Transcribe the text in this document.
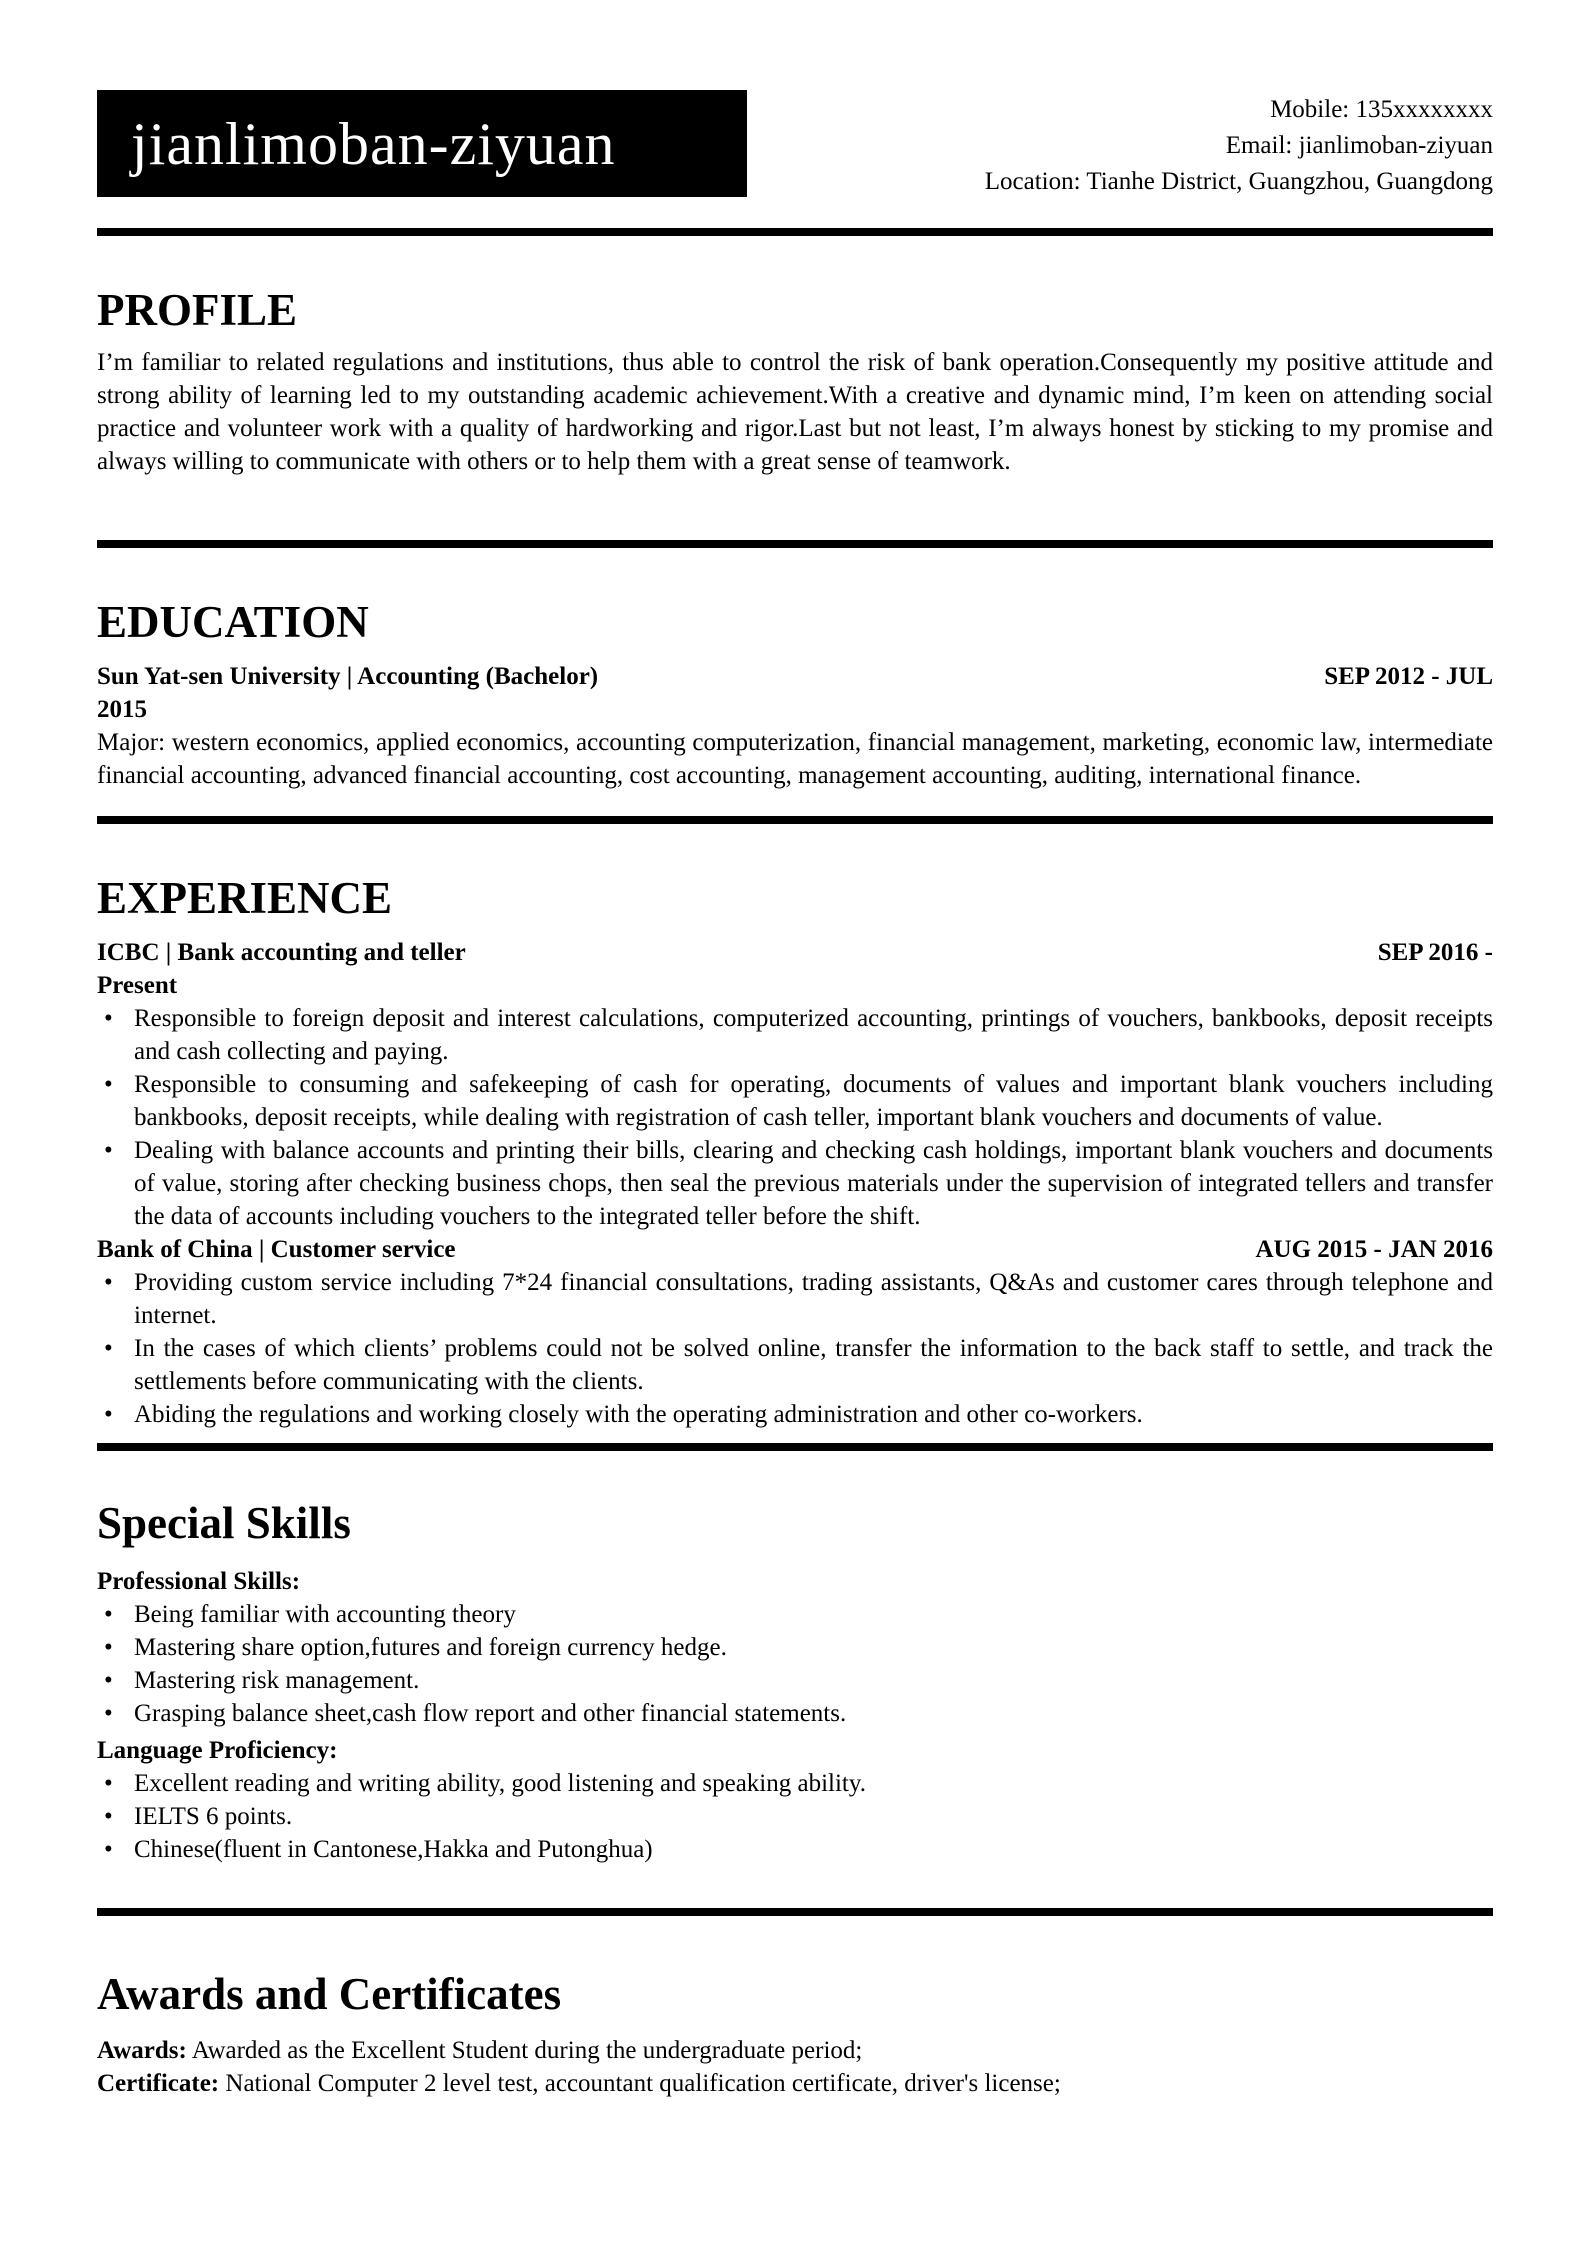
jianlimoban-ziyuan
Mobile: 135xxxxxxxx
Email: jianlimoban-ziyuan
Location: Tianhe District, Guangzhou, Guangdong
PROFILE

I’m familiar to related regulations and institutions, thus able to control the risk of bank operation.Consequently my positive attitude and strong ability of learning led to my outstanding academic achievement.With a creative and dynamic mind, I’m keen on attending social practice and volunteer work with a quality of hardworking and rigor.Last but not least, I’m always honest by sticking to my promise and always willing to communicate with others or to help them with a great sense of teamwork.

EDUCATION
Sun Yat-sen University | Accounting (Bachelor)	SEP 2012 - JUL
2015

Major: western economics, applied economics, accounting computerization, financial management, marketing, economic law, intermediate financial accounting, advanced financial accounting, cost accounting, management accounting, auditing, international finance.

EXPERIENCE
ICBC | Bank accounting and teller	SEP 2016 -
Present
• Responsible to foreign deposit and interest calculations, computerized accounting, printings of vouchers, bankbooks, deposit receipts and cash collecting and paying.
• Responsible to consuming and safekeeping of cash for operating, documents of values and important blank vouchers including bankbooks, deposit receipts, while dealing with registration of cash teller, important blank vouchers and documents of value.
• Dealing with balance accounts and printing their bills, clearing and checking cash holdings, important blank vouchers and documents of value, storing after checking business chops, then seal the previous materials under the supervision of integrated tellers and transfer the data of accounts including vouchers to the integrated teller before the shift.
Bank of China | Customer service	AUG 2015 - JAN 2016
• Providing custom service including 7*24 financial consultations, trading assistants, Q&As and customer cares through telephone and internet.
• In the cases of which clients’ problems could not be solved online, transfer the information to the back staff to settle, and track the settlements before communicating with the clients.
• Abiding the regulations and working closely with the operating administration and other co-workers.
Special Skills

Professional Skills:

• Being familiar with accounting theory
• Mastering share option,futures and foreign currency hedge.
• Mastering risk management.
• Grasping balance sheet,cash flow report and other financial statements.

Language Proficiency:

• Excellent reading and writing ability, good listening and speaking ability.
• IELTS 6 points.
• Chinese(fluent in Cantonese,Hakka and Putonghua)
Awards and Certificates

Awards: Awarded as the Excellent Student during the undergraduate period;

Certificate: National Computer 2 level test, accountant qualification certificate, driver's license;
